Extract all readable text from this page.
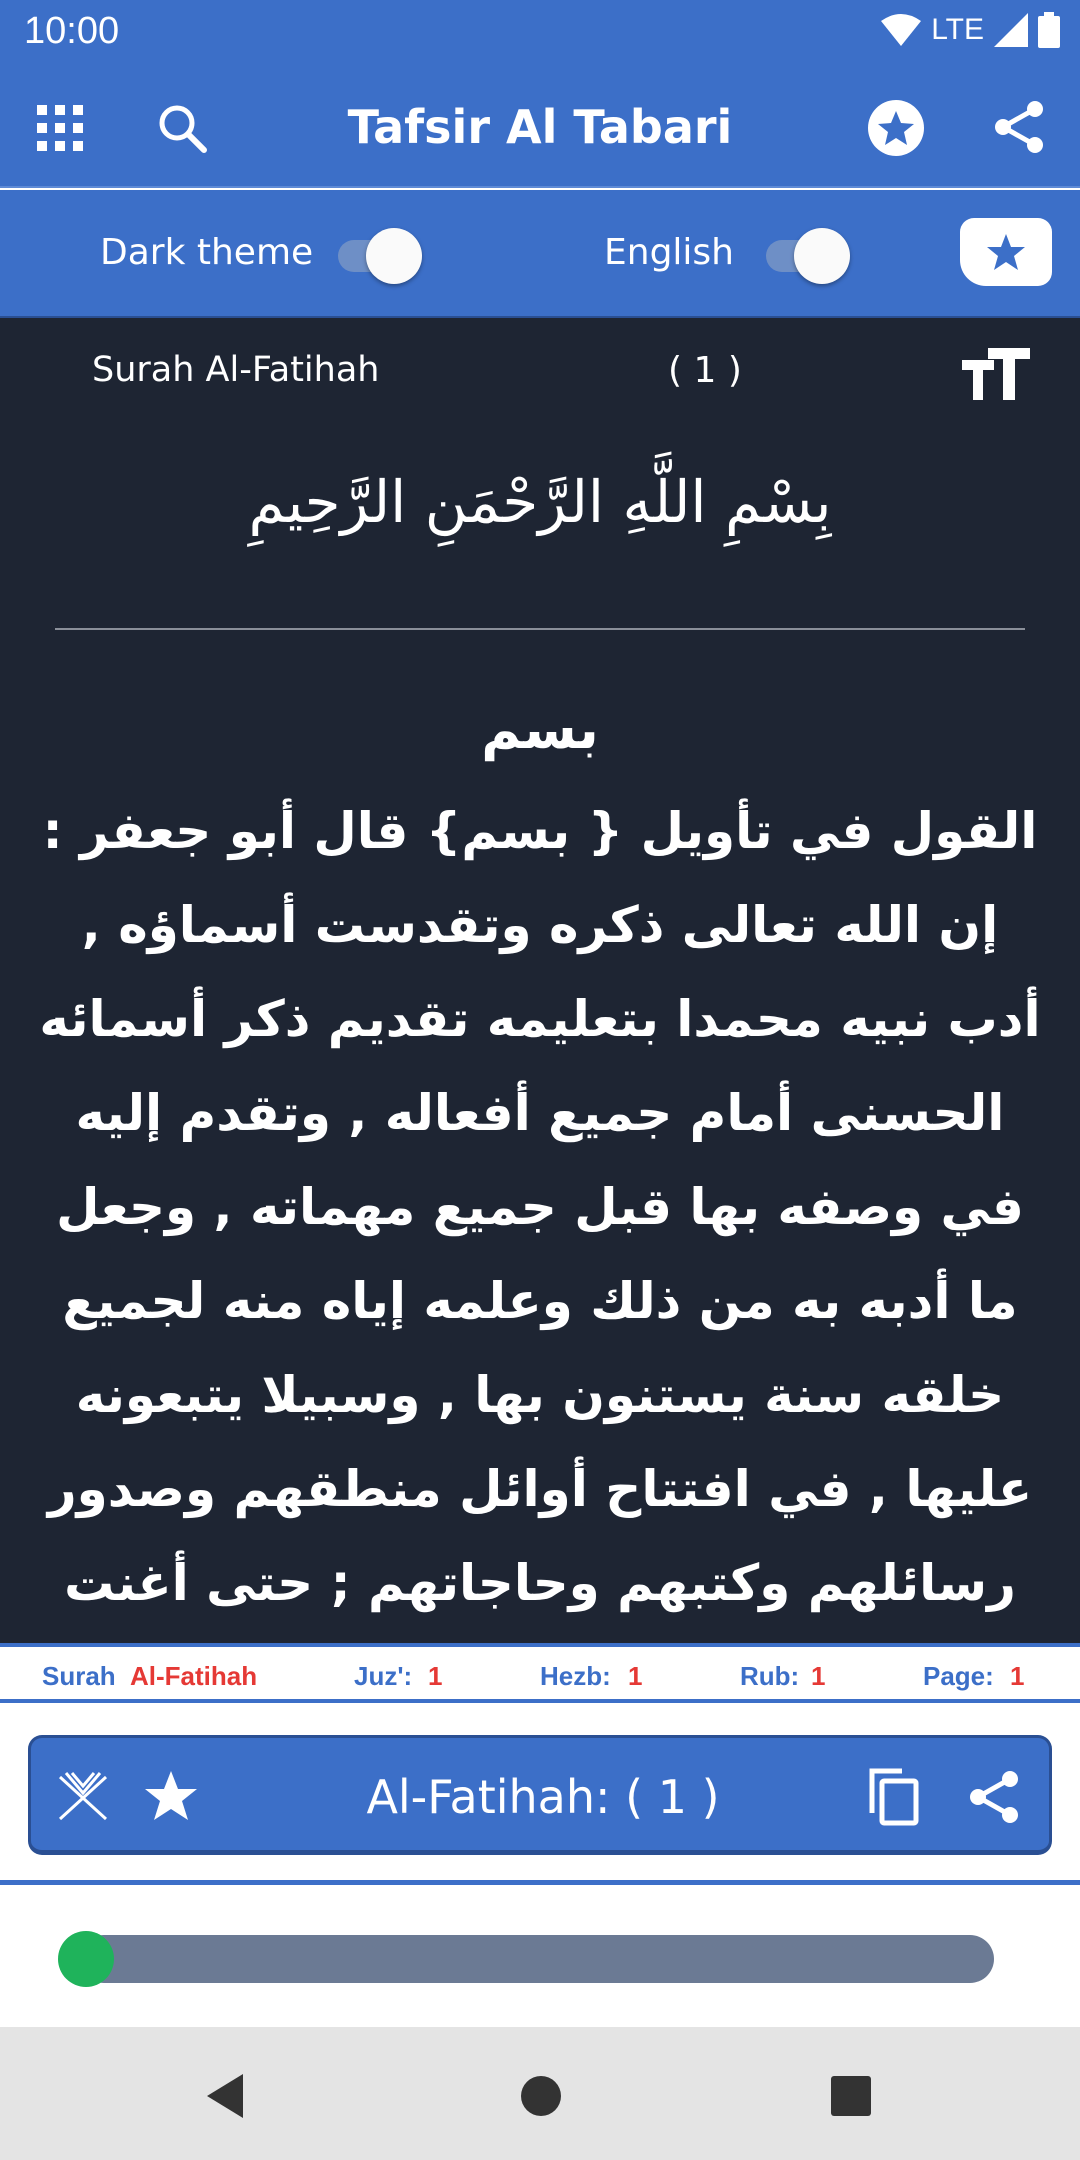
10:00	LTE
Tafsir Al Tabari
Dark theme	English
Surah Al-Fatihah	( 1 )
بِسْمِ اللَّهِ الرَّحْمَنِ الرَّحِيمِ
بسم
القول في تأويل { بسم} قال أبو جعفر : إن الله تعالى ذكره وتقدست أسماؤه , أدب نبيه محمدا بتعليمه تقديم ذكر أسمائه الحسنى أمام جميع أفعاله , وتقدم إليه في وصفه بها قبل جميع مهماته , وجعل ما أدبه به من ذلك وعلمه إياه منه لجميع خلقه سنة يستنون بها , وسبيلا يتبعونه عليها , في افتتاح أوائل منطقهم وصدور رسائلهم وكتبهم وحاجاتهم ; حتى أغنت
Surah Al-Fatihah	Juz': 1	Hezb: 1	Rub: 1	Page: 1
Al-Fatihah: ( 1 )
